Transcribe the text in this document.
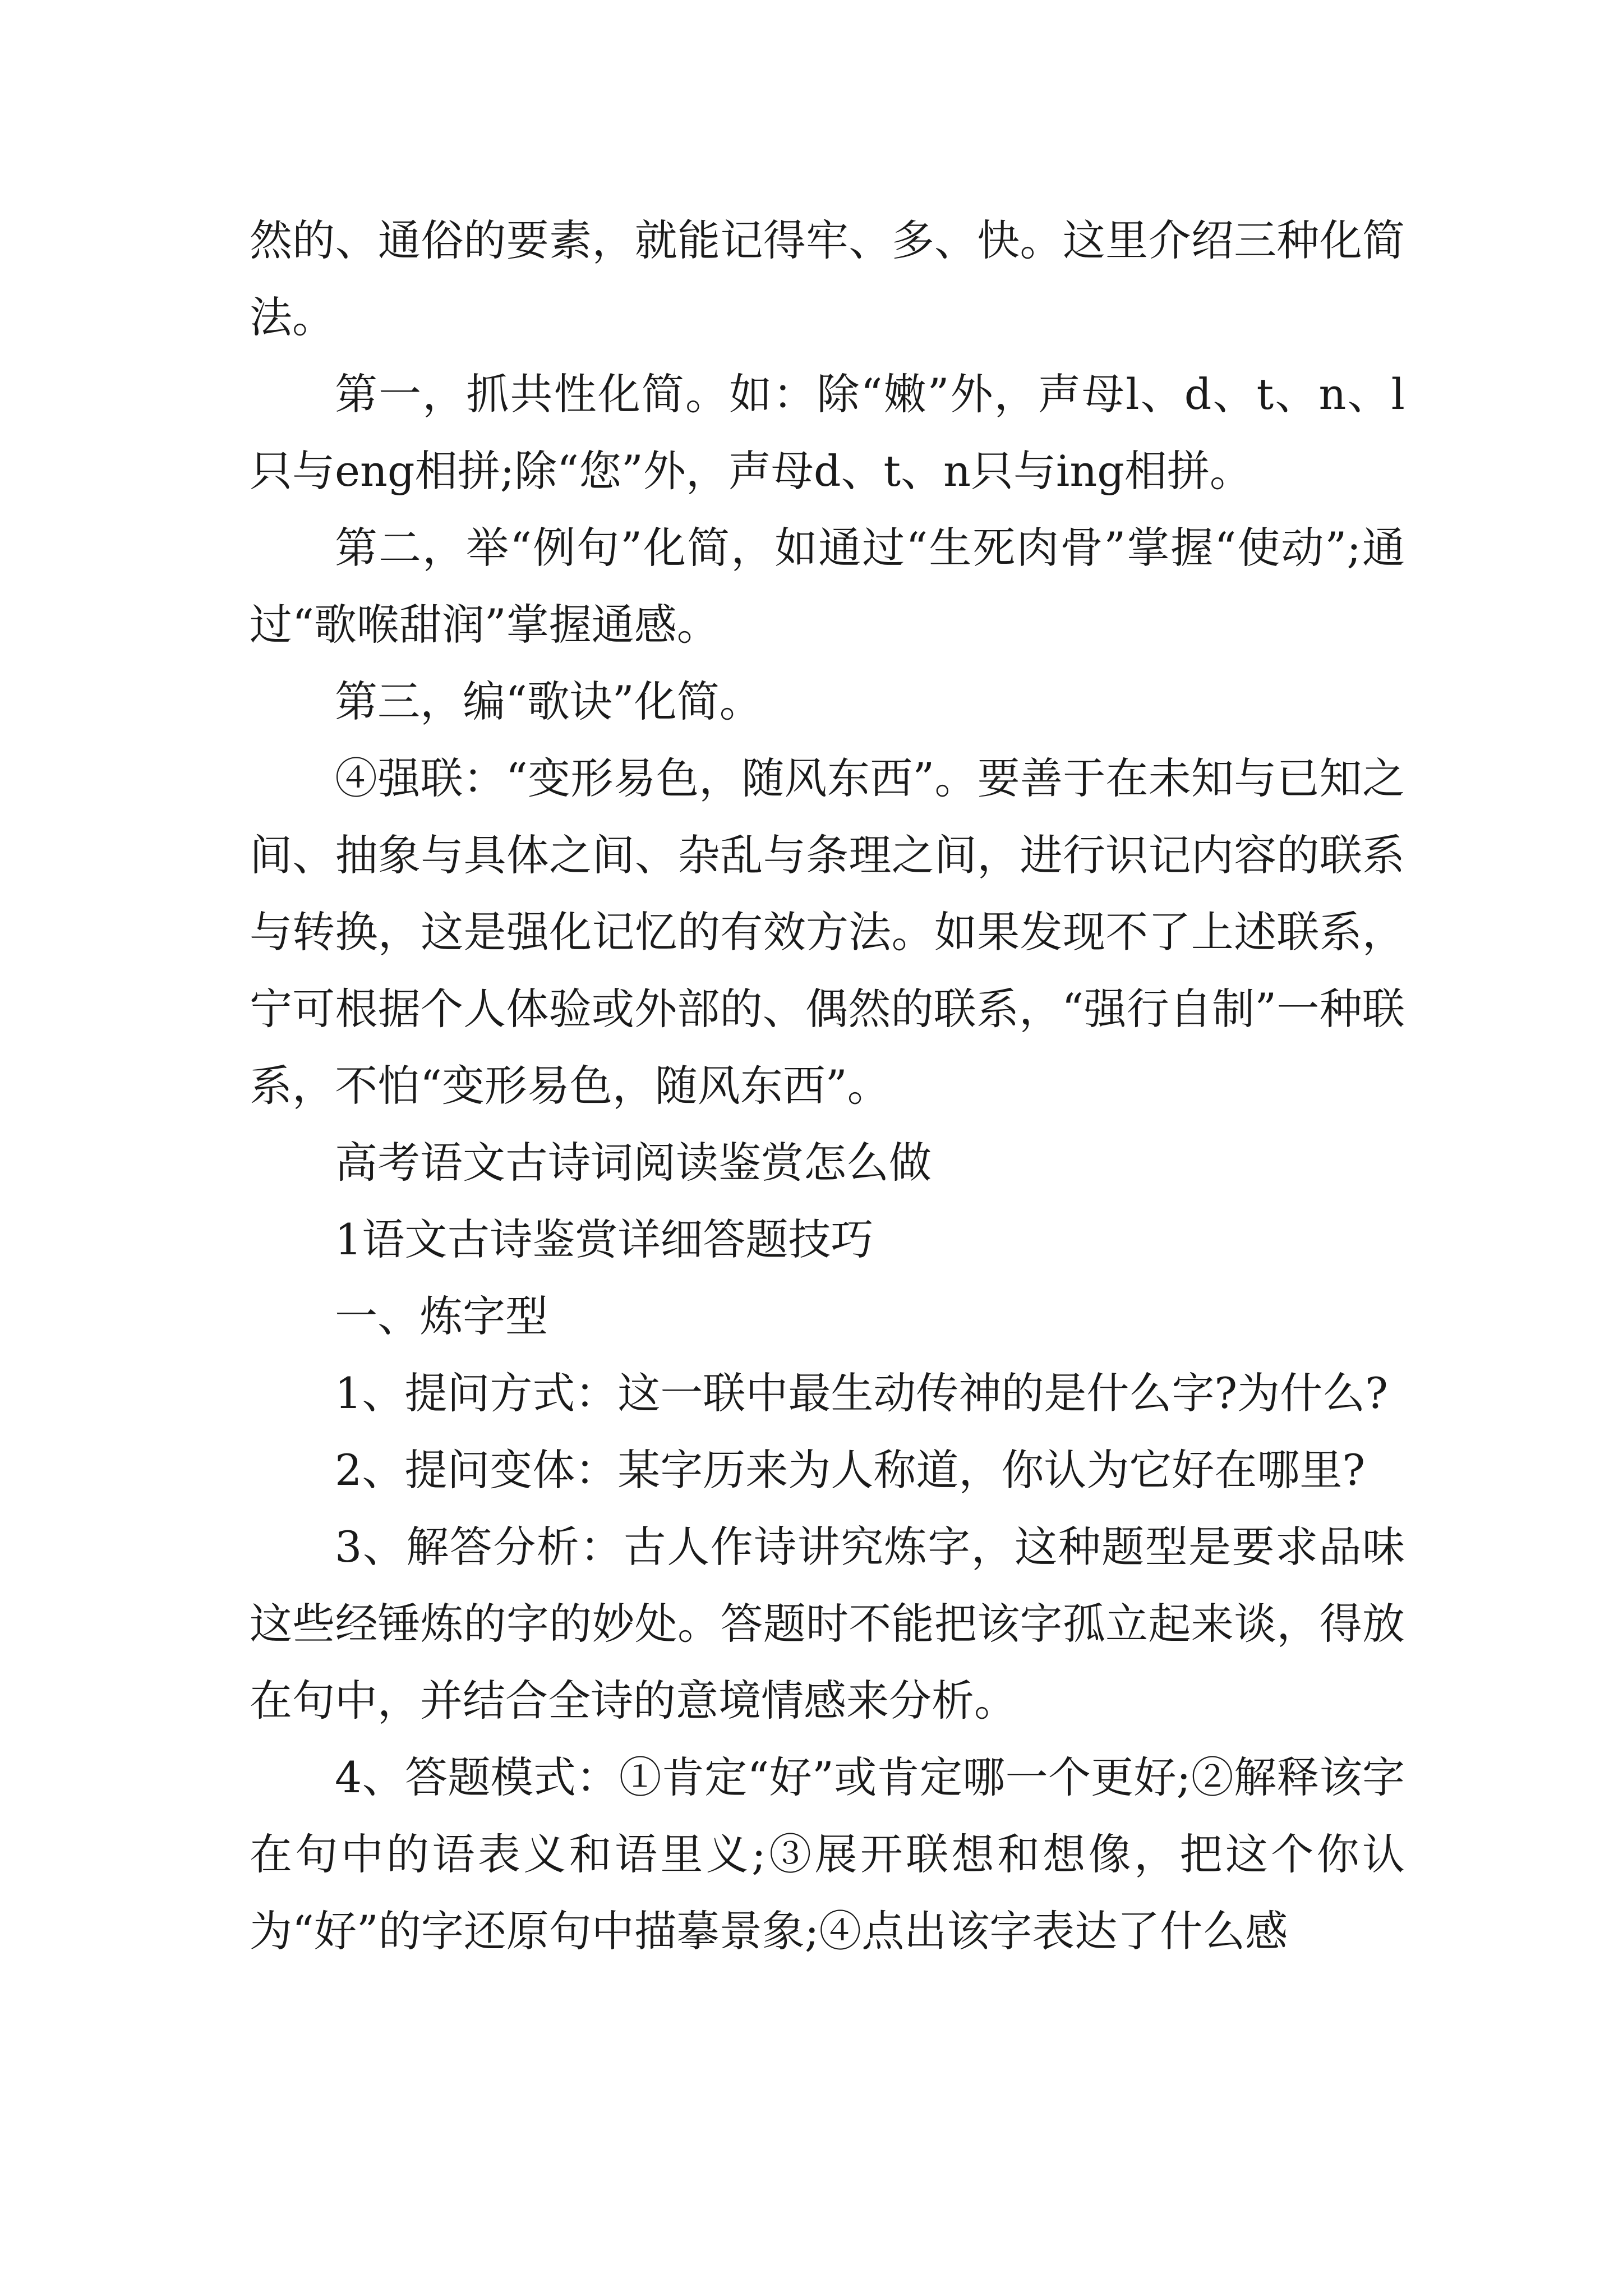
然的、通俗的要素，就能记得牢、多、快。这里介绍三种化简法。

第一，抓共性化简。如：除“嫩”外，声母l、d、t、n、l只与eng相拼;除“您”外，声母d、t、n只与ing相拼。

第二，举“例句”化简，如通过“生死肉骨”掌握“使动”;通过“歌喉甜润”掌握通感。

第三，编“歌诀”化简。

④强联：“变形易色，随风东西”。要善于在未知与已知之间、抽象与具体之间、杂乱与条理之间，进行识记内容的联系与转换，这是强化记忆的有效方法。如果发现不了上述联系，宁可根据个人体验或外部的、偶然的联系，“强行自制”一种联系，不怕“变形易色，随风东西”。

高考语文古诗词阅读鉴赏怎么做

1语文古诗鉴赏详细答题技巧

一、炼字型

1、提问方式：这一联中最生动传神的是什么字?为什么?

2、提问变体：某字历来为人称道，你认为它好在哪里?

3、解答分析：古人作诗讲究炼字，这种题型是要求品味这些经锤炼的字的妙处。答题时不能把该字孤立起来谈，得放在句中，并结合全诗的意境情感来分析。

4、答题模式：①肯定“好”或肯定哪一个更好;②解释该字在句中的语表义和语里义;③展开联想和想像，把这个你认为“好”的字还原句中描摹景象;④点出该字表达了什么感
